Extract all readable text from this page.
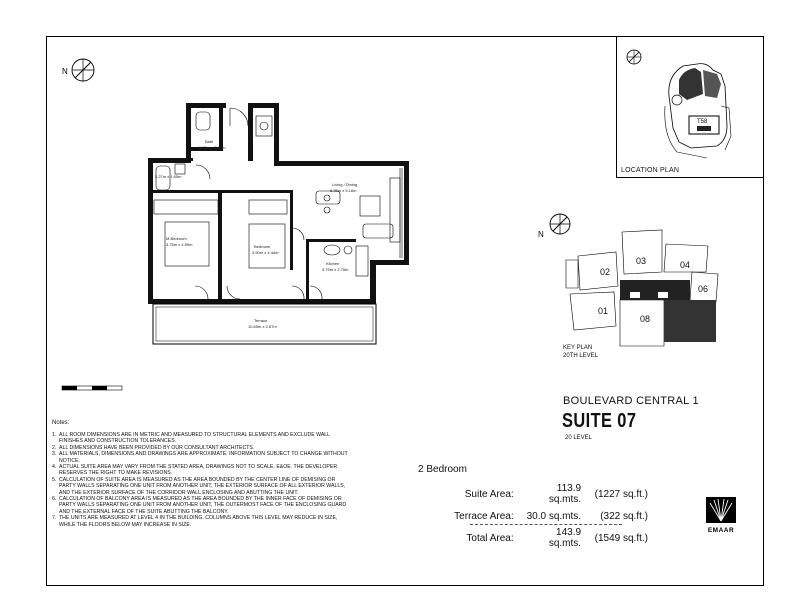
T58
LOCATION PLAN
N
Bath
1.52m x 2.60m
2.27m x 1.65m
Living / Dining
6.35m x 5.16m
M.Bedroom
3.75m x 4.59m	Bedroom
3.50m x 4.44m
Kitchen
3.75m x 2.75m
Terrace
10.65m x 2.87m
N
02
03	04
06
01
08
KEY PLAN
20TH LEVEL
BOULEVARD CENTRAL 1
SUITE 07
20 LEVEL
Notes:
1. ALL ROOM DIMENSIONS ARE IN METRIC AND MEASURED TO STRUCTURAL ELEMENTS AND EXCLUDE WALL FINISHES AND CONSTRUCTION TOLERANCES.
2. ALL DIMENSIONS HAVE BEEN PROVIDED BY OUR CONSULTANT ARCHITECTS.
3. ALL MATERIALS, DIMENSIONS AND DRAWINGS ARE APPROXIMATE. INFORMATION SUBJECT TO CHANGE WITHOUT NOTICE.
4. ACTUAL SUITE AREA MAY VARY FROM THE STATED AREA, DRAWINGS NOT TO SCALE. E&OE. THE DEVELOPER RESERVES THE RIGHT TO MAKE REVISIONS.
5. CALCULATION OF SUITE AREA IS MEASURED AS THE AREA BOUNDED BY THE CENTER LINE OF DEMISING OR PARTY WALLS SEPARATING ONE UNIT FROM ANOTHER UNIT, THE EXTERIOR SURFACE OF ALL EXTERIOR WALLS, AND THE EXTERIOR SURFACE OF THE CORRIDOR WALL ENCLOSING AND ABUTTING THE UNIT.
6. CALCULATION OF BALCONY AREA IS MEASURED AS THE AREA BOUNDED BY THE INNER FACE OF DEMISING OR PARTY WALLS SEPARATING ONE UNIT FROM ANOTHER UNIT, THE OUTERMOST FACE OF THE ENCLOSING GUARD AND THE EXTERNAL FACE OF THE SUITE ABUTTING THE BALCONY.
7. THE UNITS ARE MEASURED AT LEVEL 4 IN THE BUILDING. COLUMNS ABOVE THIS LEVEL MAY REDUCE IN SIZE, WHILE THE FLOORS BELOW MAY INCREASE IN SIZE.
2 Bedroom
Suite Area:	113.9 sq.mts.	(1227 sq.ft.)
Terrace Area:	30.0 sq.mts.	(322 sq.ft.)
Total Area:	143.9 sq.mts.	(1549 sq.ft.)
EMAAR
